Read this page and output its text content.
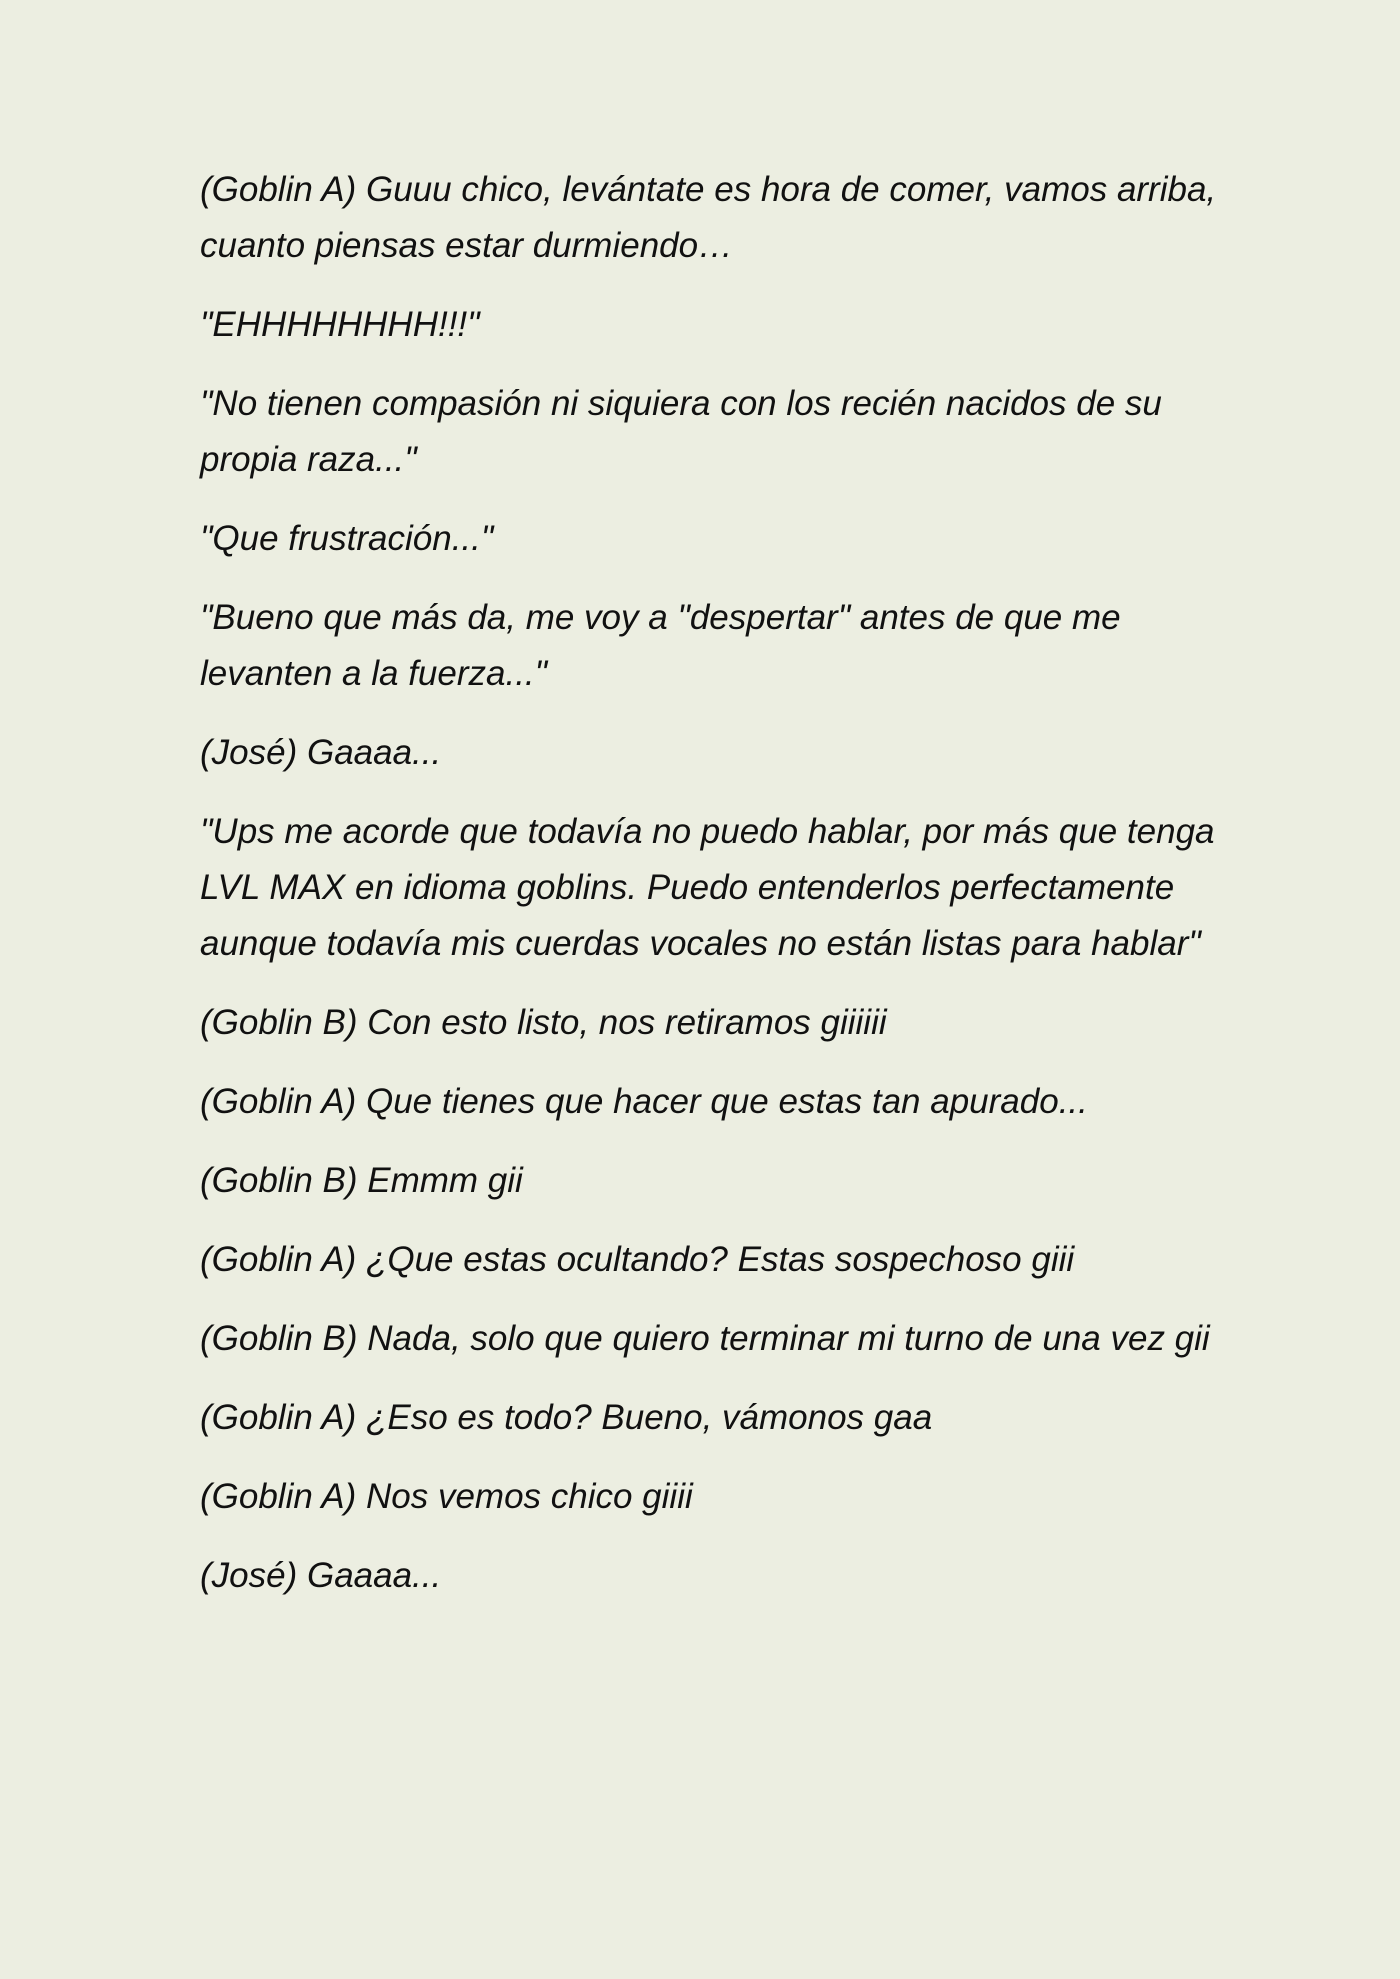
(Goblin A) Guuu chico, levántate es hora de comer, vamos arriba, cuanto piensas estar durmiendo…

"EHHHHHHHH!!!"

"No tienen compasión ni siquiera con los recién nacidos de su propia raza..."

"Que frustración..."

"Bueno que más da, me voy a "despertar" antes de que me levanten a la fuerza..."

(José) Gaaaa...

"Ups me acorde que todavía no puedo hablar, por más que tenga LVL MAX en idioma goblins. Puedo entenderlos perfectamente aunque todavía mis cuerdas vocales no están listas para hablar"

(Goblin B) Con esto listo, nos retiramos giiiiii

(Goblin A) Que tienes que hacer que estas tan apurado...

(Goblin B) Emmm gii

(Goblin A) ¿Que estas ocultando? Estas sospechoso giii

(Goblin B) Nada, solo que quiero terminar mi turno de una vez gii

(Goblin A) ¿Eso es todo? Bueno, vámonos gaa

(Goblin A) Nos vemos chico giiii

(José) Gaaaa...
